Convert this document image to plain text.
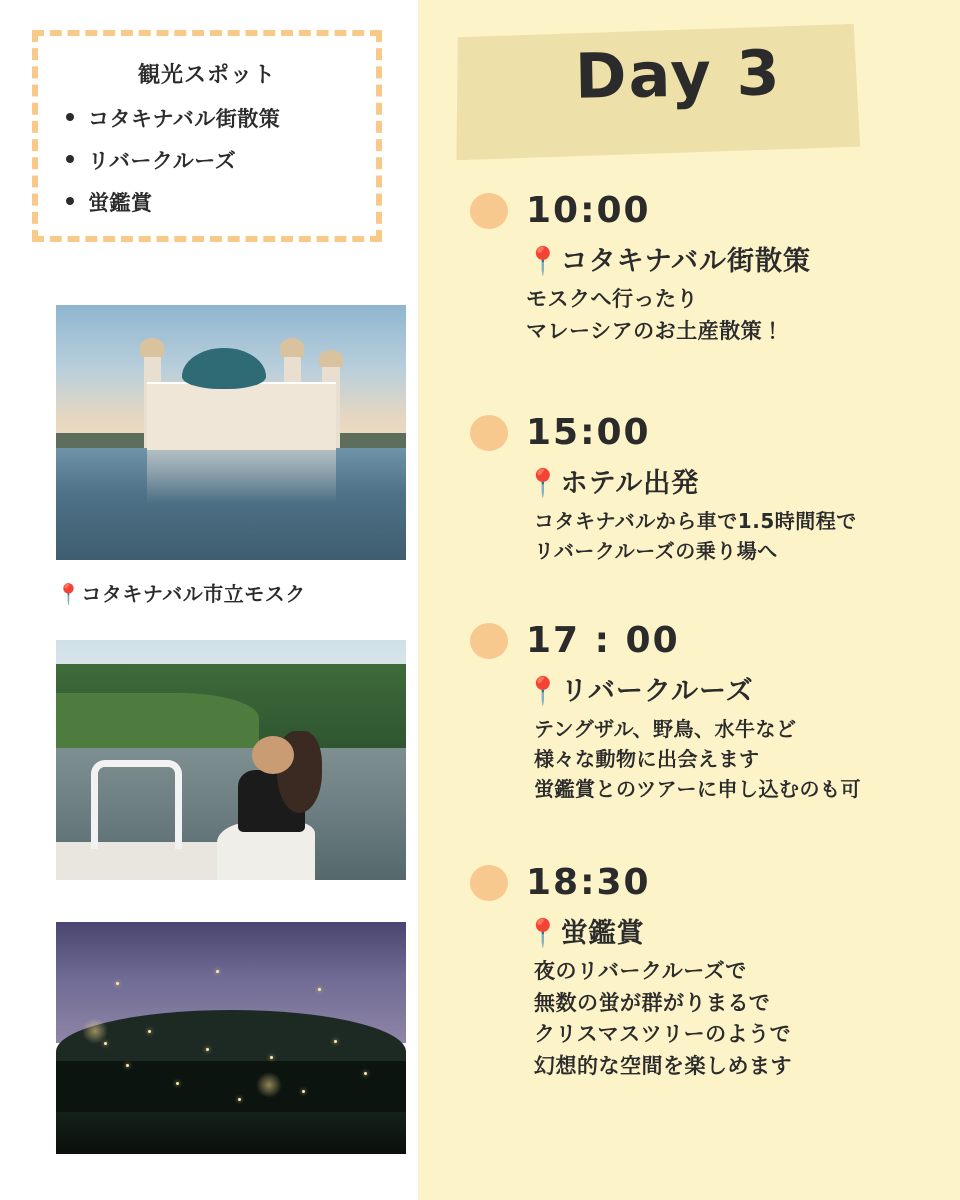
観光スポット
コタキナバル街散策
リバークルーズ
蛍鑑賞
📍コタキナバル市立モスク
Day 3
10:00
📍コタキナバル街散策
モスクへ行ったり
マレーシアのお土産散策！
15:00
📍ホテル出発
コタキナバルから車で1.5時間程で
リバークルーズの乗り場へ
17 : 00
📍リバークルーズ
テングザル、野鳥、水牛など
様々な動物に出会えます
蛍鑑賞とのツアーに申し込むのも可
18:30
📍蛍鑑賞
夜のリバークルーズで
無数の蛍が群がりまるで
クリスマスツリーのようで
幻想的な空間を楽しめます
